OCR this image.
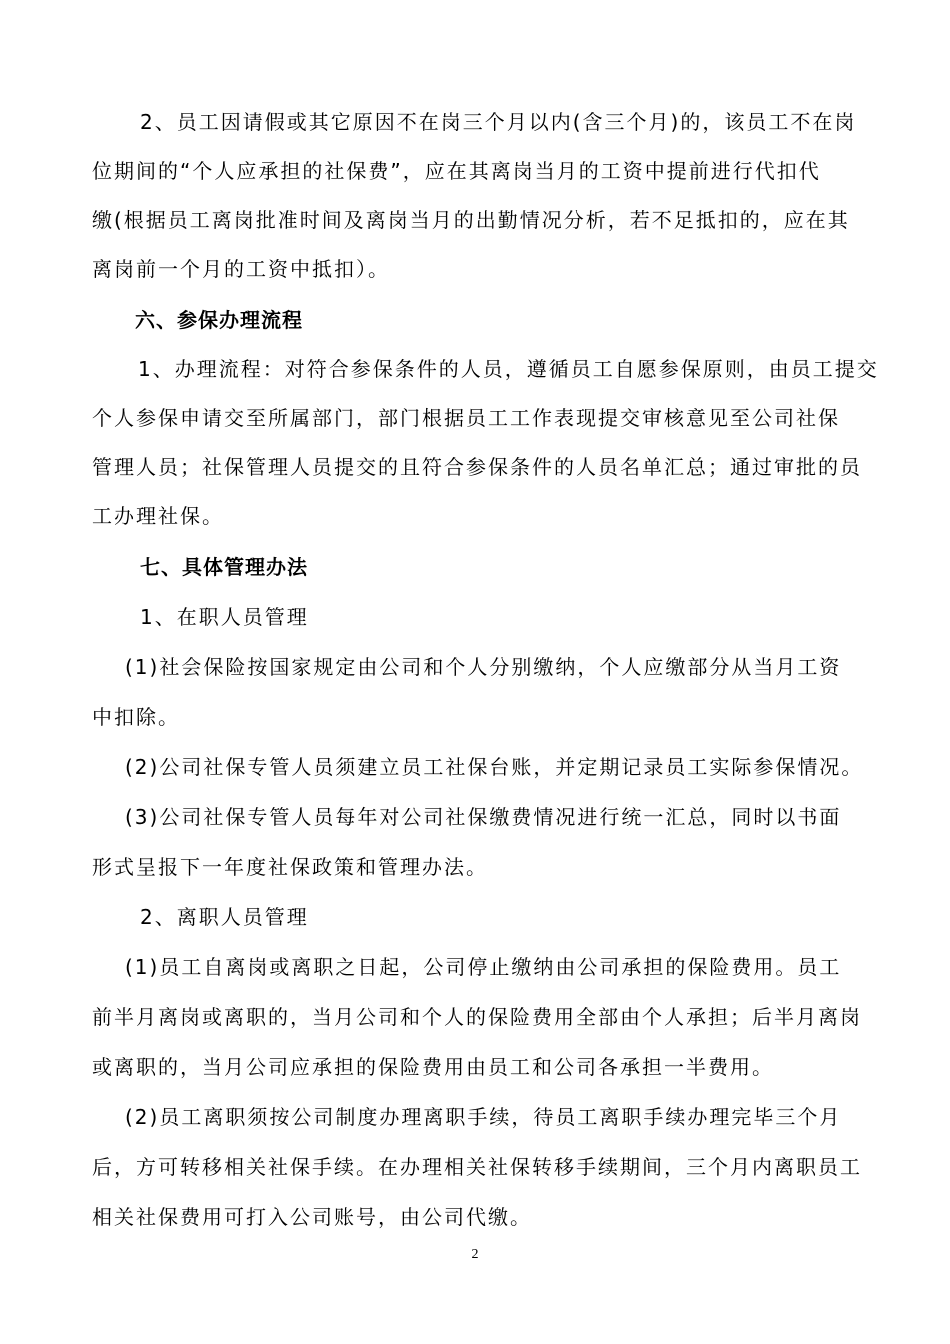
2、员工因请假或其它原因不在岗三个月以内(含三个月)的，该员工不在岗
位期间的“个人应承担的社保费”，应在其离岗当月的工资中提前进行代扣代
缴(根据员工离岗批准时间及离岗当月的出勤情况分析，若不足抵扣的，应在其
离岗前一个月的工资中抵扣）。
六、参保办理流程
1、办理流程：对符合参保条件的人员，遵循员工自愿参保原则，由员工提交
个人参保申请交至所属部门，部门根据员工工作表现提交审核意见至公司社保
管理人员；社保管理人员提交的且符合参保条件的人员名单汇总；通过审批的员
工办理社保。
七、具体管理办法
1、在职人员管理
(1)社会保险按国家规定由公司和个人分别缴纳，个人应缴部分从当月工资
中扣除。
(2)公司社保专管人员须建立员工社保台账，并定期记录员工实际参保情况。
(3)公司社保专管人员每年对公司社保缴费情况进行统一汇总，同时以书面
形式呈报下一年度社保政策和管理办法。
2、离职人员管理
(1)员工自离岗或离职之日起，公司停止缴纳由公司承担的保险费用。员工
前半月离岗或离职的，当月公司和个人的保险费用全部由个人承担；后半月离岗
或离职的，当月公司应承担的保险费用由员工和公司各承担一半费用。
(2)员工离职须按公司制度办理离职手续，待员工离职手续办理完毕三个月
后，方可转移相关社保手续。在办理相关社保转移手续期间，三个月内离职员工
相关社保费用可打入公司账号，由公司代缴。
2
